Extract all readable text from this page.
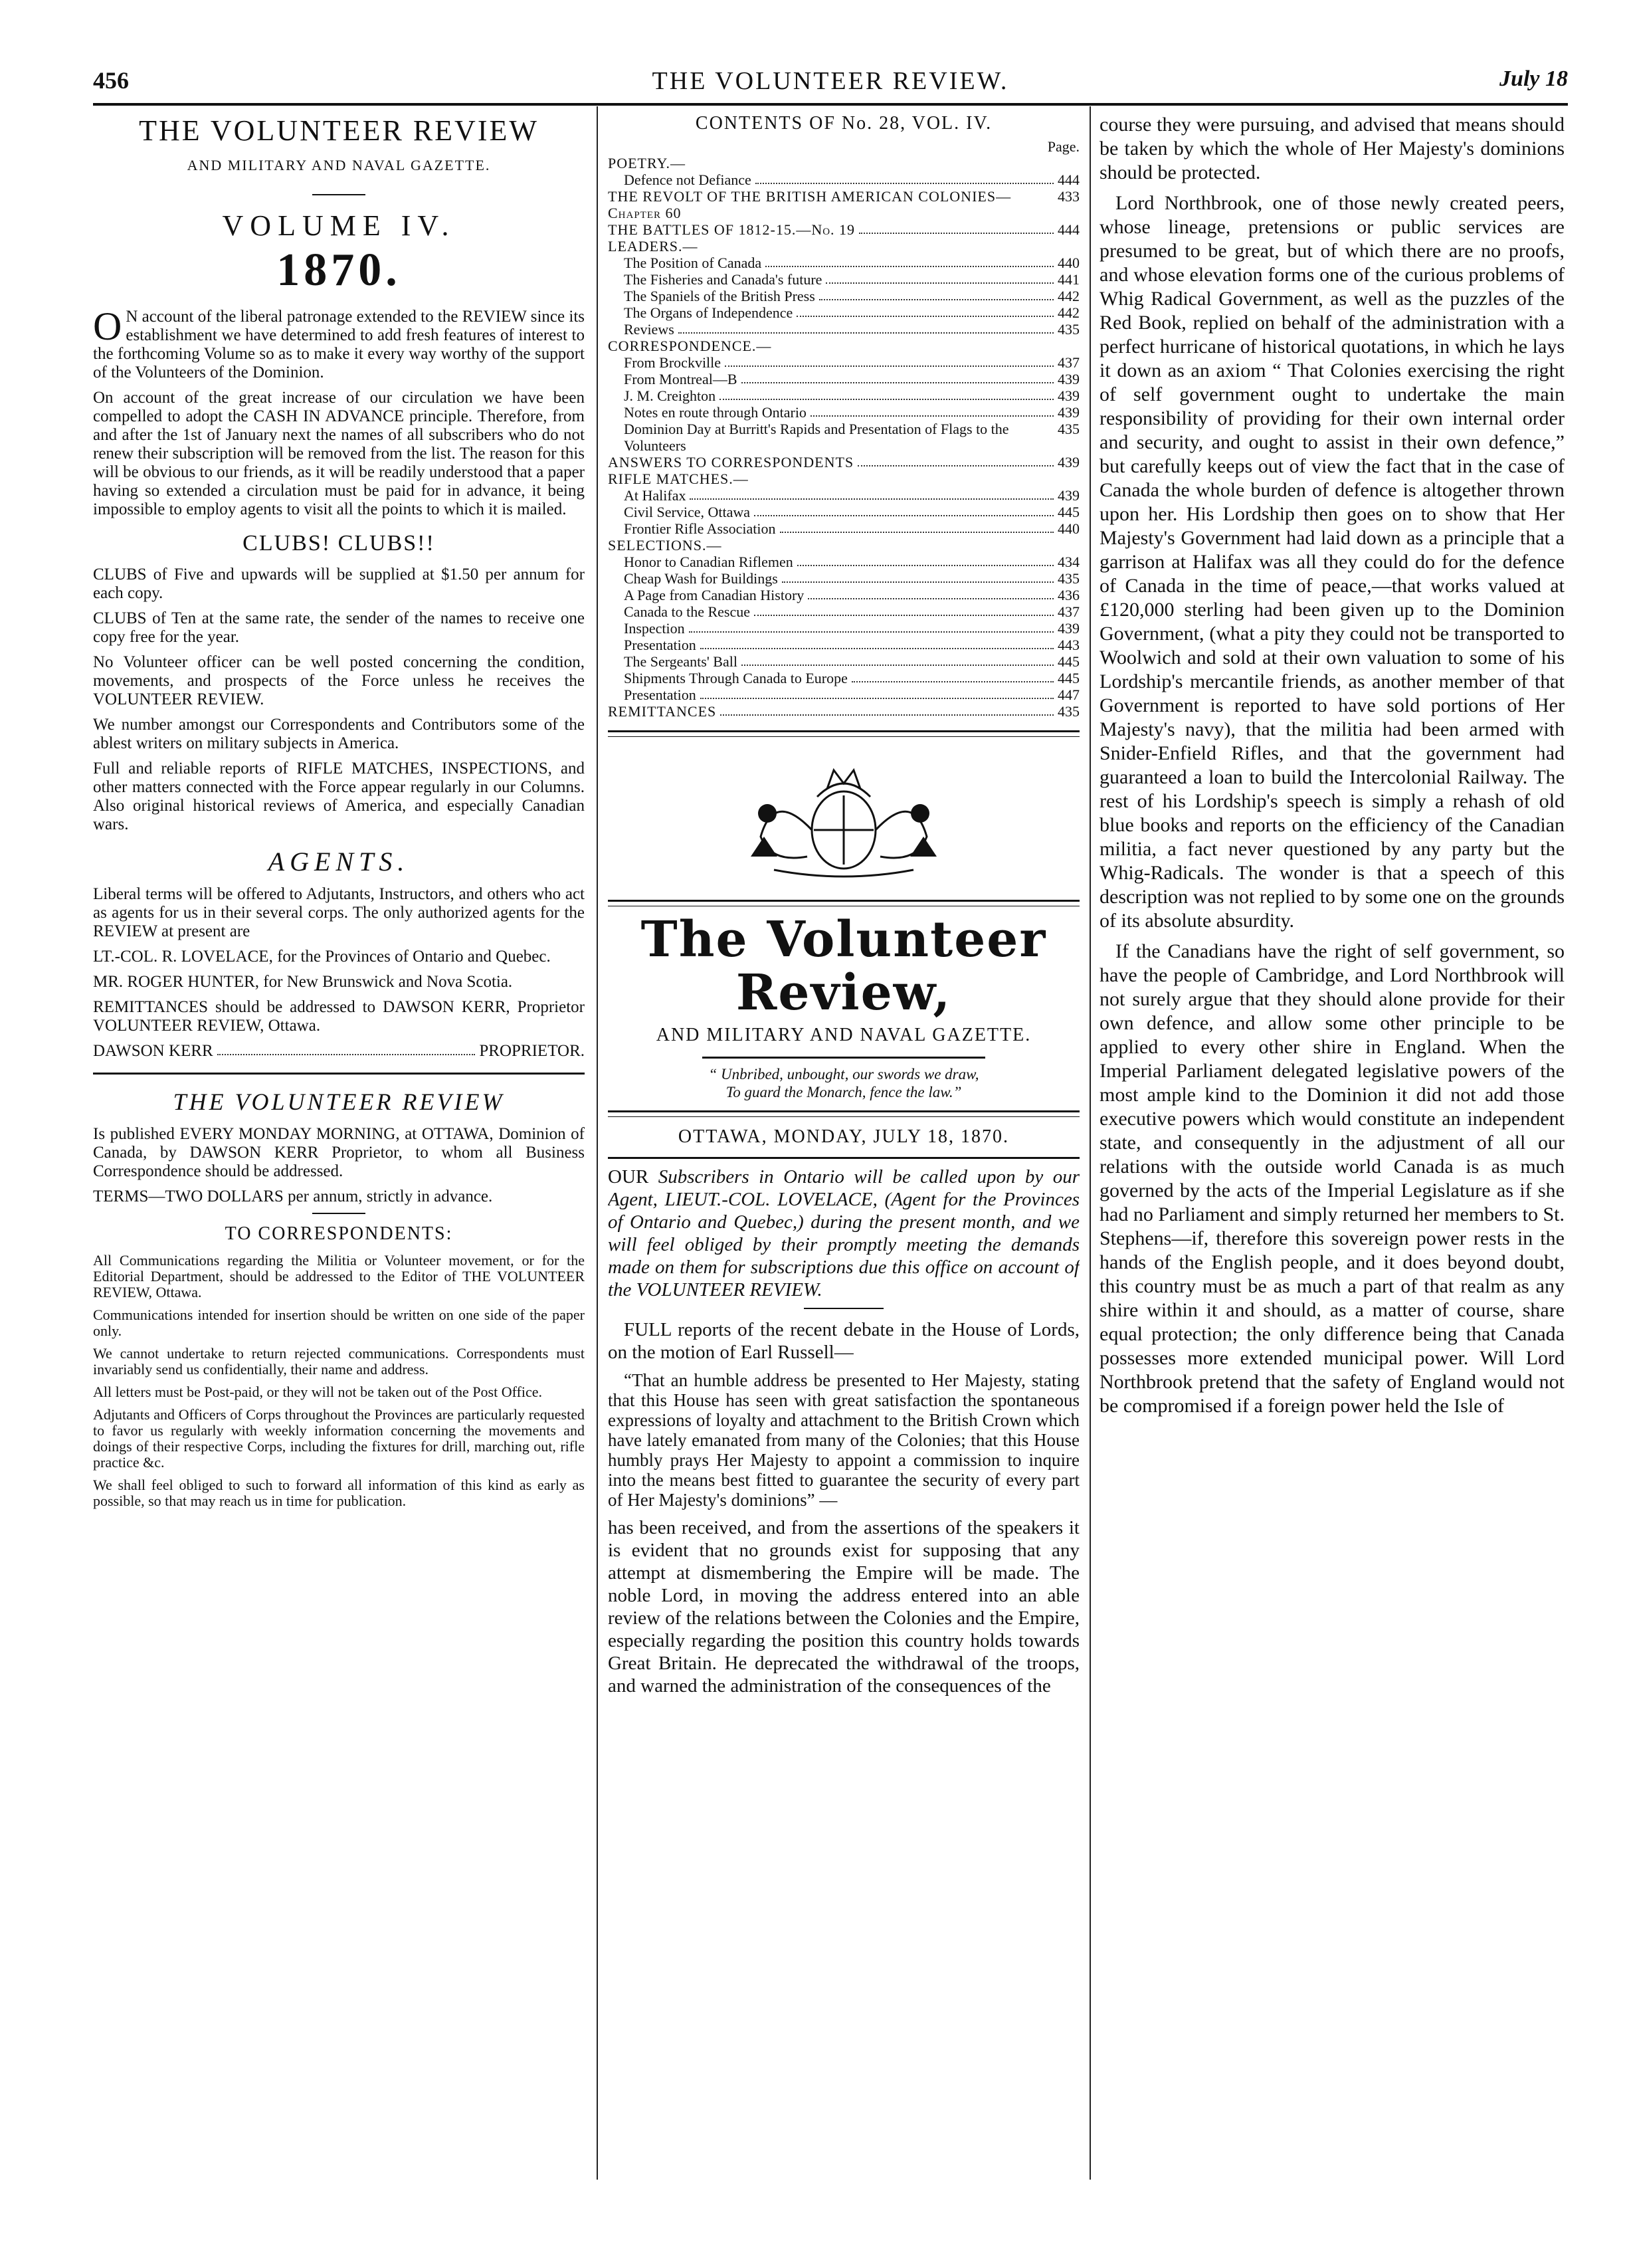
456	THE VOLUNTEER REVIEW.	July 18
THE VOLUNTEER REVIEW
AND MILITARY AND NAVAL GAZETTE.
VOLUME IV.
1870.

O N account of the liberal patronage extended to the REVIEW since its establishment we have determined to add fresh features of interest to the forthcoming Volume so as to make it every way worthy of the support of the Volunteers of the Dominion.

On account of the great increase of our circulation we have been compelled to adopt the CASH IN ADVANCE principle. Therefore, from and after the 1st of January next the names of all subscribers who do not renew their subscription will be removed from the list. The reason for this will be obvious to our friends, as it will be readily understood that a paper having so extended a circulation must be paid for in advance, it being impossible to employ agents to visit all the points to which it is mailed.

CLUBS! CLUBS!!

CLUBS of Five and upwards will be supplied at $1.50 per annum for each copy.

CLUBS of Ten at the same rate, the sender of the names to receive one copy free for the year.

No Volunteer officer can be well posted concerning the condition, movements, and prospects of the Force unless he receives the VOLUNTEER REVIEW.

We number amongst our Correspondents and Contributors some of the ablest writers on military subjects in America.

Full and reliable reports of RIFLE MATCHES, INSPECTIONS, and other matters connected with the Force appear regularly in our Columns. Also original historical reviews of America, and especially Canadian wars.

AGENTS.

Liberal terms will be offered to Adjutants, Instructors, and others who act as agents for us in their several corps. The only authorized agents for the REVIEW at present are

LT.-COL. R. LOVELACE, for the Provinces of Ontario and Quebec.

MR. ROGER HUNTER, for New Brunswick and Nova Scotia.

REMITTANCES should be addressed to DAWSON KERR, Proprietor VOLUNTEER REVIEW, Ottawa.

DAWSON KERR	PROPRIETOR.
THE VOLUNTEER REVIEW

Is published EVERY MONDAY MORNING, at OTTAWA, Dominion of Canada, by DAWSON KERR Proprietor, to whom all Business Correspondence should be addressed.

TERMS—TWO DOLLARS per annum, strictly in advance.

TO CORRESPONDENTS:

All Communications regarding the Militia or Volunteer movement, or for the Editorial Department, should be addressed to the Editor of THE VOLUNTEER REVIEW, Ottawa.

Communications intended for insertion should be written on one side of the paper only.

We cannot undertake to return rejected communications. Correspondents must invariably send us confidentially, their name and address.

All letters must be Post-paid, or they will not be taken out of the Post Office.

Adjutants and Officers of Corps throughout the Provinces are particularly requested to favor us regularly with weekly information concerning the movements and doings of their respective Corps, including the fixtures for drill, marching out, rifle practice &c.

We shall feel obliged to such to forward all information of this kind as early as possible, so that may reach us in time for publication.

CONTENTS OF No. 28, VOL. IV.
Page.
POETRY.—
Defence not Defiance	444
THE REVOLT OF THE BRITISH AMERICAN COLONIES—Chapter 60
433
THE BATTLES OF 1812-15.—No. 19	444
LEADERS.—
The Position of Canada	440
The Fisheries and Canada's future	441
The Spaniels of the British Press	442
The Organs of Independence	442
Reviews	435
CORRESPONDENCE.—
From Brockville	437
From Montreal—B	439
J. M. Creighton	439
Notes en route through Ontario	439
Dominion Day at Burritt's Rapids and Presentation of Flags to the Volunteers
435
ANSWERS TO CORRESPONDENTS	439
RIFLE MATCHES.—
At Halifax	439
Civil Service, Ottawa	445
Frontier Rifle Association	440
SELECTIONS.—
Honor to Canadian Riflemen	434
Cheap Wash for Buildings	435
A Page from Canadian History	436
Canada to the Rescue	437
Inspection	439
Presentation	443
The Sergeants' Ball	445
Shipments Through Canada to Europe	445
Presentation	447
REMITTANCES	435
The Volunteer Review,
AND MILITARY AND NAVAL GAZETTE.
“ Unbribed, unbought, our swords we draw,
To guard the Monarch, fence the law.”
OTTAWA, MONDAY, JULY 18, 1870.

OUR Subscribers in Ontario will be called upon by our Agent, LIEUT.-COL. LOVELACE, (Agent for the Provinces of Ontario and Quebec,) during the present month, and we will feel obliged by their promptly meeting the demands made on them for subscriptions due this office on account of the VOLUNTEER REVIEW.

FULL reports of the recent debate in the House of Lords, on the motion of Earl Russell—

“That an humble address be presented to Her Majesty, stating that this House has seen with great satisfaction the spontaneous expressions of loyalty and attachment to the British Crown which have lately emanated from many of the Colonies; that this House humbly prays Her Majesty to appoint a commission to inquire into the means best fitted to guarantee the security of every part of Her Majesty's dominions” —

has been received, and from the assertions of the speakers it is evident that no grounds exist for supposing that any attempt at dismembering the Empire will be made. The noble Lord, in moving the address entered into an able review of the relations between the Colonies and the Empire, especially regarding the position this country holds towards Great Britain. He deprecated the withdrawal of the troops, and warned the administration of the consequences of the

course they were pursuing, and advised that means should be taken by which the whole of Her Majesty's dominions should be protected.

Lord Northbrook, one of those newly created peers, whose lineage, pretensions or public services are presumed to be great, but of which there are no proofs, and whose elevation forms one of the curious problems of Whig Radical Government, as well as the puzzles of the Red Book, replied on behalf of the administration with a perfect hurricane of historical quotations, in which he lays it down as an axiom “ That Colonies exercising the right of self government ought to undertake the main responsibility of providing for their own internal order and security, and ought to assist in their own defence,” but carefully keeps out of view the fact that in the case of Canada the whole burden of defence is altogether thrown upon her. His Lordship then goes on to show that Her Majesty's Government had laid down as a principle that a garrison at Halifax was all they could do for the defence of Canada in the time of peace,—that works valued at £120,000 sterling had been given up to the Dominion Government, (what a pity they could not be transported to Woolwich and sold at their own valuation to some of his Lordship's mercantile friends, as another member of that Government is reported to have sold portions of Her Majesty's navy), that the militia had been armed with Snider-Enfield Rifles, and that the government had guaranteed a loan to build the Intercolonial Railway. The rest of his Lordship's speech is simply a rehash of old blue books and reports on the efficiency of the Canadian militia, a fact never questioned by any party but the Whig-Radicals. The wonder is that a speech of this description was not replied to by some one on the grounds of its absolute absurdity.

If the Canadians have the right of self government, so have the people of Cambridge, and Lord Northbrook will not surely argue that they should alone provide for their own defence, and allow some other principle to be applied to every other shire in England. When the Imperial Parliament delegated legislative powers of the most ample kind to the Dominion it did not add those executive powers which would constitute an independent state, and consequently in the adjustment of all our relations with the outside world Canada is as much governed by the acts of the Imperial Legislature as if she had no Parliament and simply returned her members to St. Stephens—if, therefore this sovereign power rests in the hands of the English people, and it does beyond doubt, this country must be as much a part of that realm as any shire within it and should, as a matter of course, share equal protection; the only difference being that Canada possesses more extended municipal power. Will Lord Northbrook pretend that the safety of England would not be compromised if a foreign power held the Isle of
